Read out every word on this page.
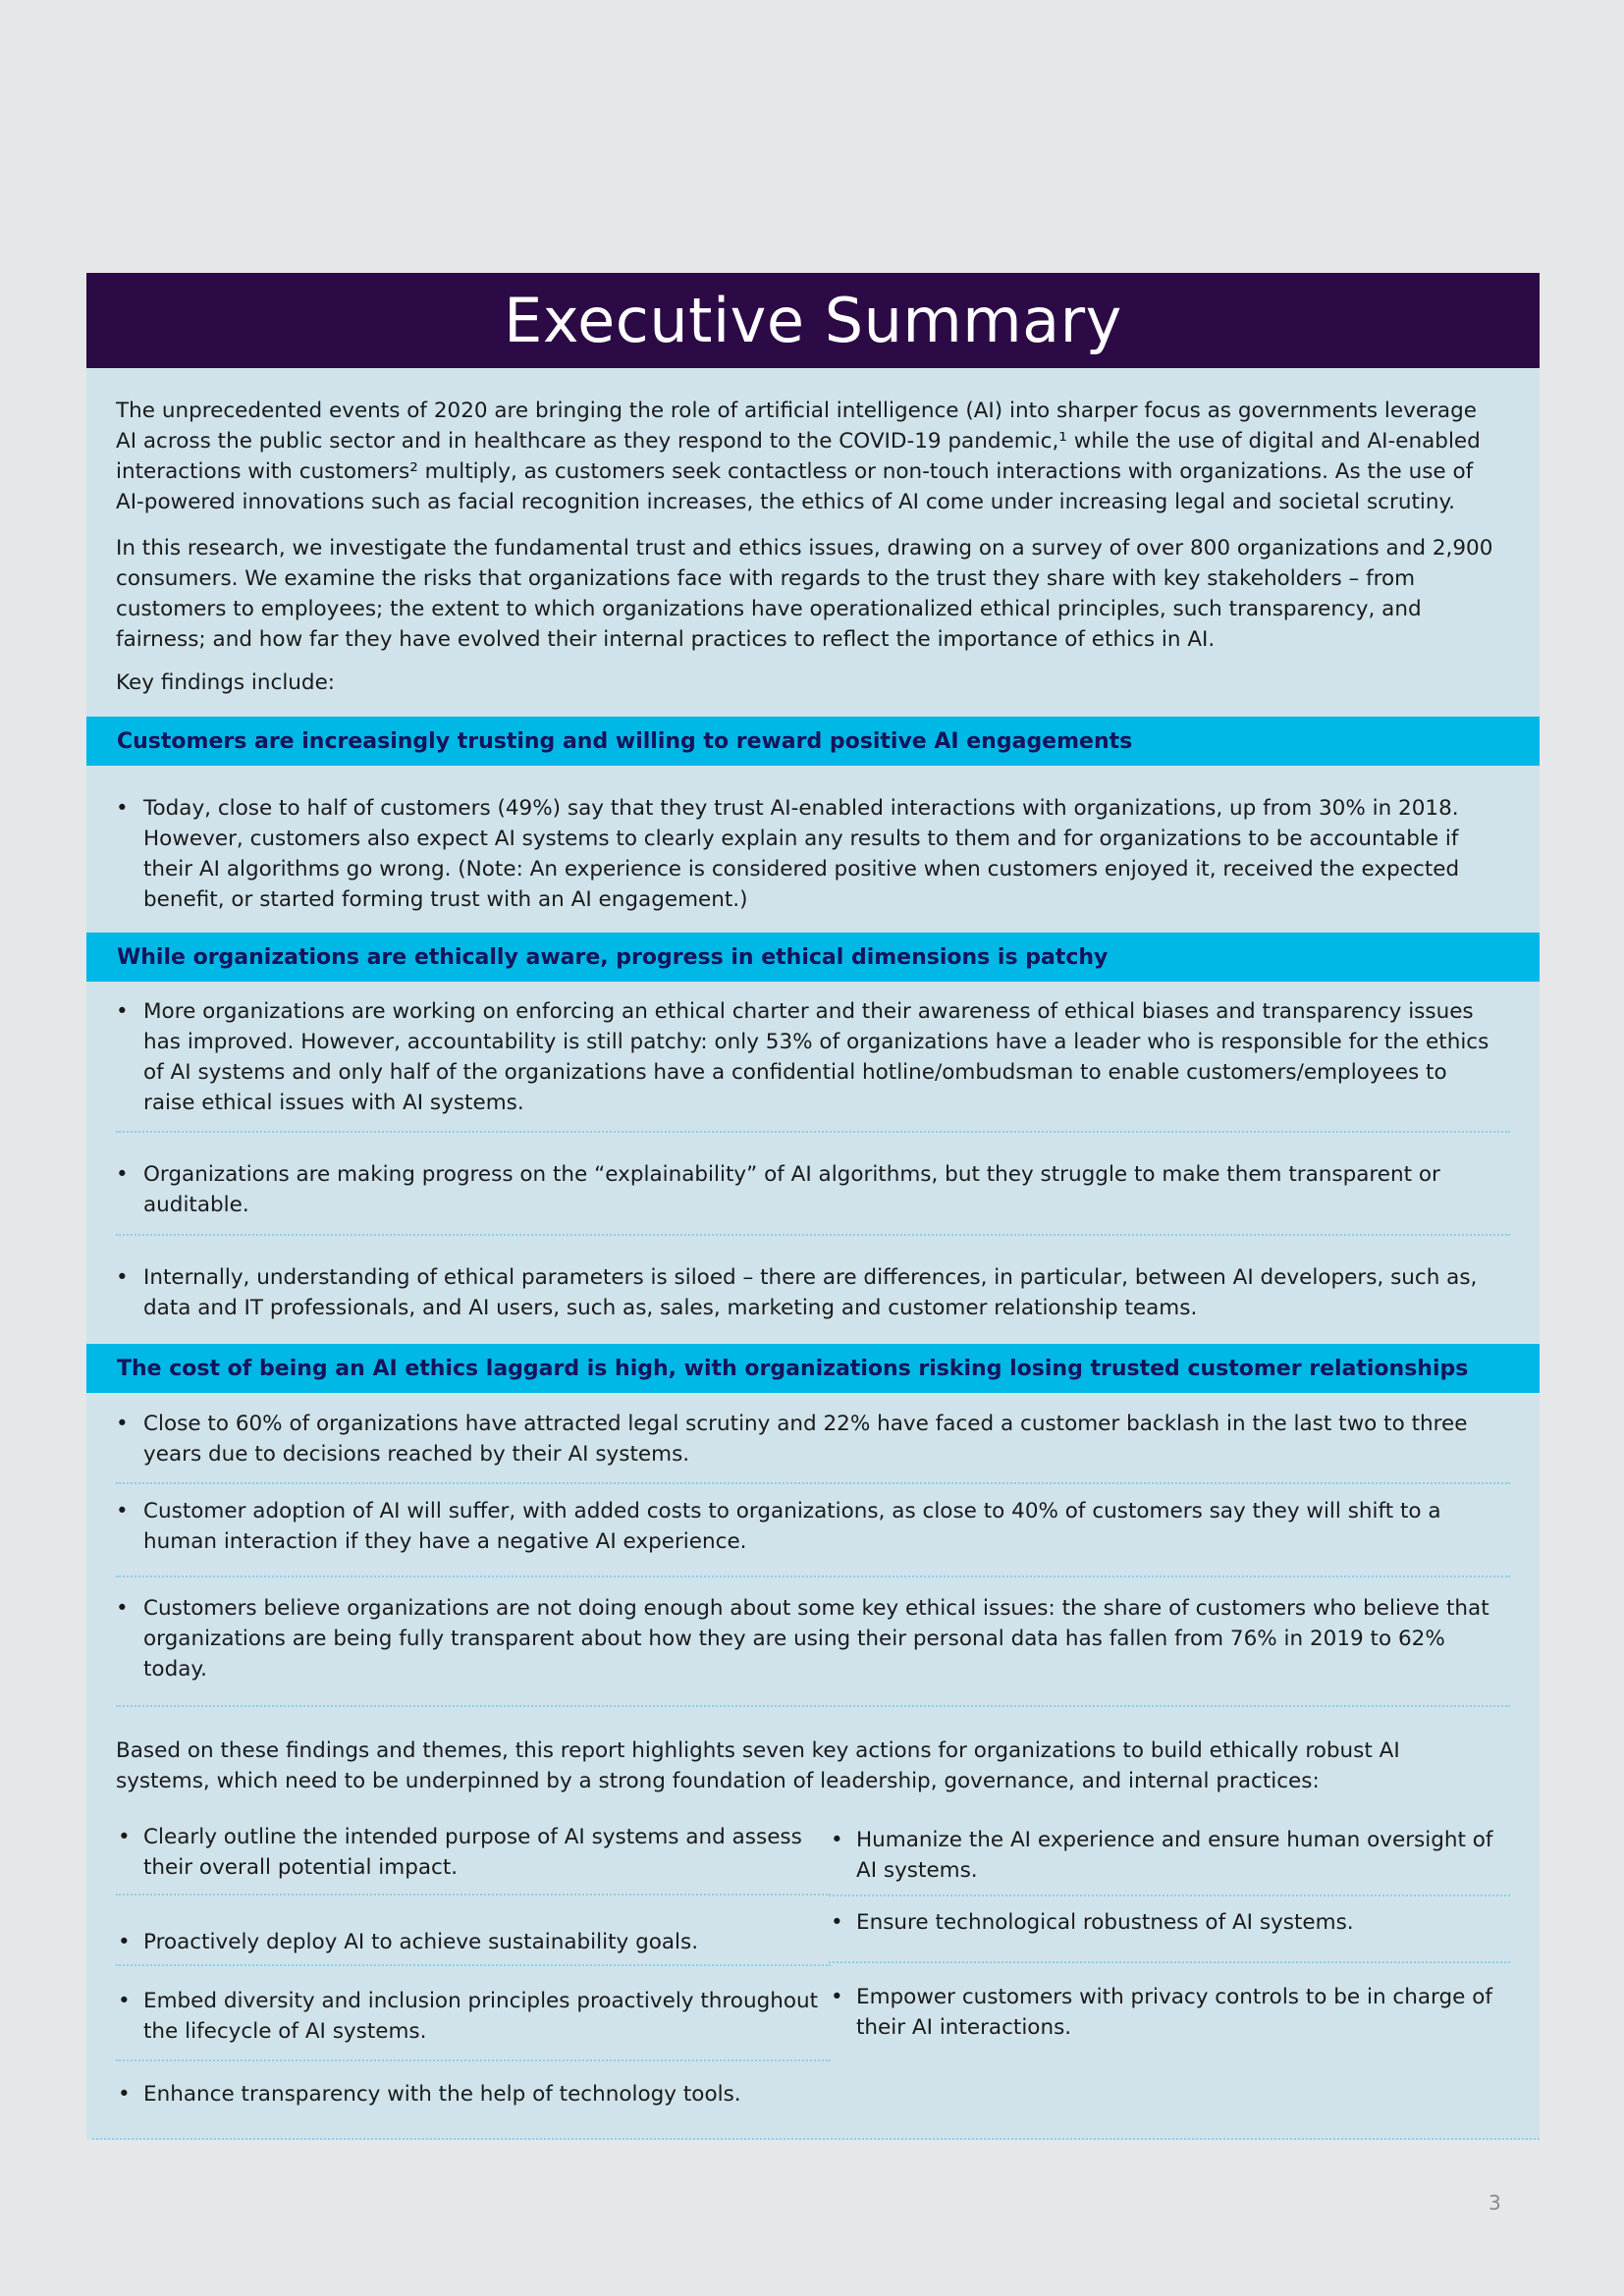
Executive Summary

The unprecedented events of 2020 are bringing the role of artificial intelligence (AI) into sharper focus as governments leverage AI across the public sector and in healthcare as they respond to the COVID-19 pandemic,¹ while the use of digital and AI-enabled interactions with customers² multiply, as customers seek contactless or non-touch interactions with organizations. As the use of AI-powered innovations such as facial recognition increases, the ethics of AI come under increasing legal and societal scrutiny.

In this research, we investigate the fundamental trust and ethics issues, drawing on a survey of over 800 organizations and 2,900 consumers. We examine the risks that organizations face with regards to the trust they share with key stakeholders – from customers to employees; the extent to which organizations have operationalized ethical principles, such transparency, and fairness; and how far they have evolved their internal practices to reflect the importance of ethics in AI.

Key findings include:

Customers are increasingly trusting and willing to reward positive AI engagements
• Today, close to half of customers (49%) say that they trust AI-enabled interactions with organizations, up from 30% in 2018. However, customers also expect AI systems to clearly explain any results to them and for organizations to be accountable if their AI algorithms go wrong. (Note: An experience is considered positive when customers enjoyed it, received the expected benefit, or started forming trust with an AI engagement.)
While organizations are ethically aware, progress in ethical dimensions is patchy
• More organizations are working on enforcing an ethical charter and their awareness of ethical biases and transparency issues has improved. However, accountability is still patchy: only 53% of organizations have a leader who is responsible for the ethics of AI systems and only half of the organizations have a confidential hotline/ombudsman to enable customers/employees to raise ethical issues with AI systems.
• Organizations are making progress on the “explainability” of AI algorithms, but they struggle to make them transparent or auditable.
• Internally, understanding of ethical parameters is siloed – there are differences, in particular, between AI developers, such as, data and IT professionals, and AI users, such as, sales, marketing and customer relationship teams.
The cost of being an AI ethics laggard is high, with organizations risking losing trusted customer relationships
• Close to 60% of organizations have attracted legal scrutiny and 22% have faced a customer backlash in the last two to three years due to decisions reached by their AI systems.
• Customer adoption of AI will suffer, with added costs to organizations, as close to 40% of customers say they will shift to a human interaction if they have a negative AI experience.
• Customers believe organizations are not doing enough about some key ethical issues: the share of customers who believe that organizations are being fully transparent about how they are using their personal data has fallen from 76% in 2019 to 62% today.

Based on these findings and themes, this report highlights seven key actions for organizations to build ethically robust AI systems, which need to be underpinned by a strong foundation of leadership, governance, and internal practices:

• Clearly outline the intended purpose of AI systems and assess their overall potential impact.
• Proactively deploy AI to achieve sustainability goals.
• Embed diversity and inclusion principles proactively throughout the lifecycle of AI systems.
• Enhance transparency with the help of technology tools.
• Humanize the AI experience and ensure human oversight of AI systems.
• Ensure technological robustness of AI systems.
• Empower customers with privacy controls to be in charge of their AI interactions.
3
